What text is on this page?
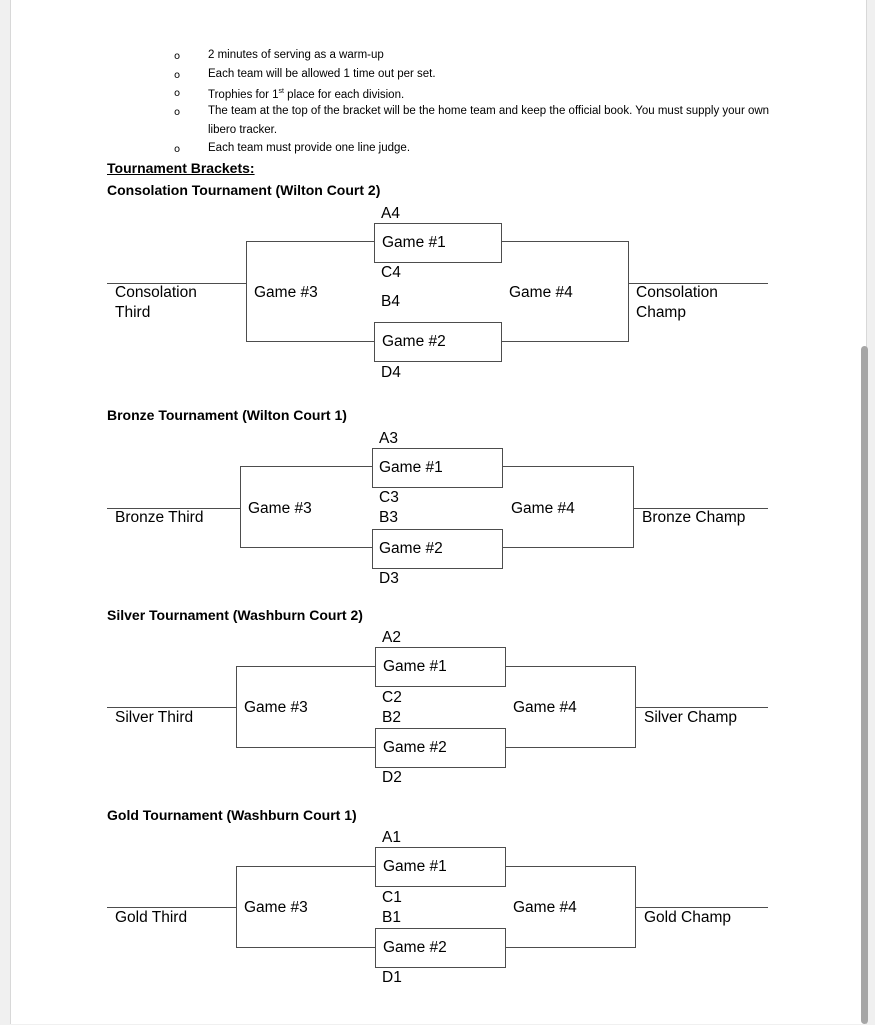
o 2 minutes of serving as a warm-up
o Each team will be allowed 1 time out per set.
o Trophies for 1st place for each division.
o The team at the top of the bracket will be the home team and keep the official book. You must supply your own libero tracker.
o Each team must provide one line judge.
Tournament Brackets:
Consolation Tournament (Wilton Court 2)
A4
Game #1
C4
B4
Game #2
D4
Game #3
Consolation
Third
Game #4	Consolation
Champ
Bronze Tournament (Wilton Court 1)
A3
Game #1
C3
B3
Game #2
D3
Game #3
Bronze Third
Game #4
Bronze Champ
Silver Tournament (Washburn Court 2)
A2
Game #1
C2
B2
Game #2
D2
Game #3
Silver Third
Game #4
Silver Champ
Gold Tournament (Washburn Court 1)
A1
Game #1
C1
B1
Game #2
D1
Game #3
Gold Third
Game #4
Gold Champ
